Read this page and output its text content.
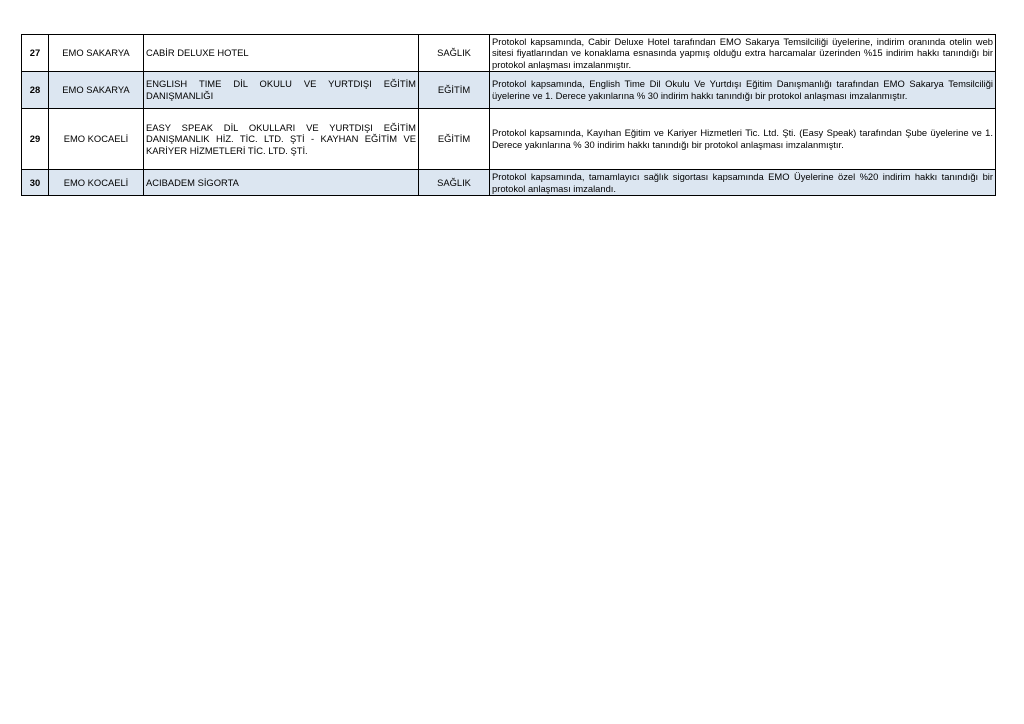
27	EMO SAKARYA	CABİR DELUXE HOTEL	SAĞLIK	Protokol kapsamında, Cabir Deluxe Hotel tarafından EMO Sakarya Temsilciliği üyelerine, indirim oranında otelin web sitesi fiyatlarından ve konaklama esnasında yapmış olduğu extra harcamalar üzerinden %15 indirim hakkı tanındığı bir protokol anlaşması imzalanmıştır.
28	EMO SAKARYA	ENGLISH TIME DİL OKULU VE YURTDIŞI EĞİTİM DANIŞMANLIĞI	EĞİTİM	Protokol kapsamında, English Time Dil Okulu Ve Yurtdışı Eğitim Danışmanlığı tarafından EMO Sakarya Temsilciliği üyelerine ve 1. Derece yakınlarına % 30 indirim hakkı tanındığı bir protokol anlaşması imzalanmıştır.
29	EMO KOCAELİ	EASY SPEAK DİL OKULLARI VE YURTDIŞI EĞİTİM DANIŞMANLIK HİZ. TİC. LTD. ŞTİ - KAYHAN EĞİTİM VE KARİYER HİZMETLERİ TİC. LTD. ŞTİ.	EĞİTİM	Protokol kapsamında, Kayıhan Eğitim ve Kariyer Hizmetleri Tic. Ltd. Şti. (Easy Speak) tarafından Şube üyelerine ve 1. Derece yakınlarına % 30 indirim hakkı tanındığı bir protokol anlaşması imzalanmıştır.
30	EMO KOCAELİ	ACIBADEM SİGORTA	SAĞLIK	Protokol kapsamında, tamamlayıcı sağlık sigortası kapsamında EMO Üyelerine özel %20 indirim hakkı tanındığı bir protokol anlaşması imzalandı.
